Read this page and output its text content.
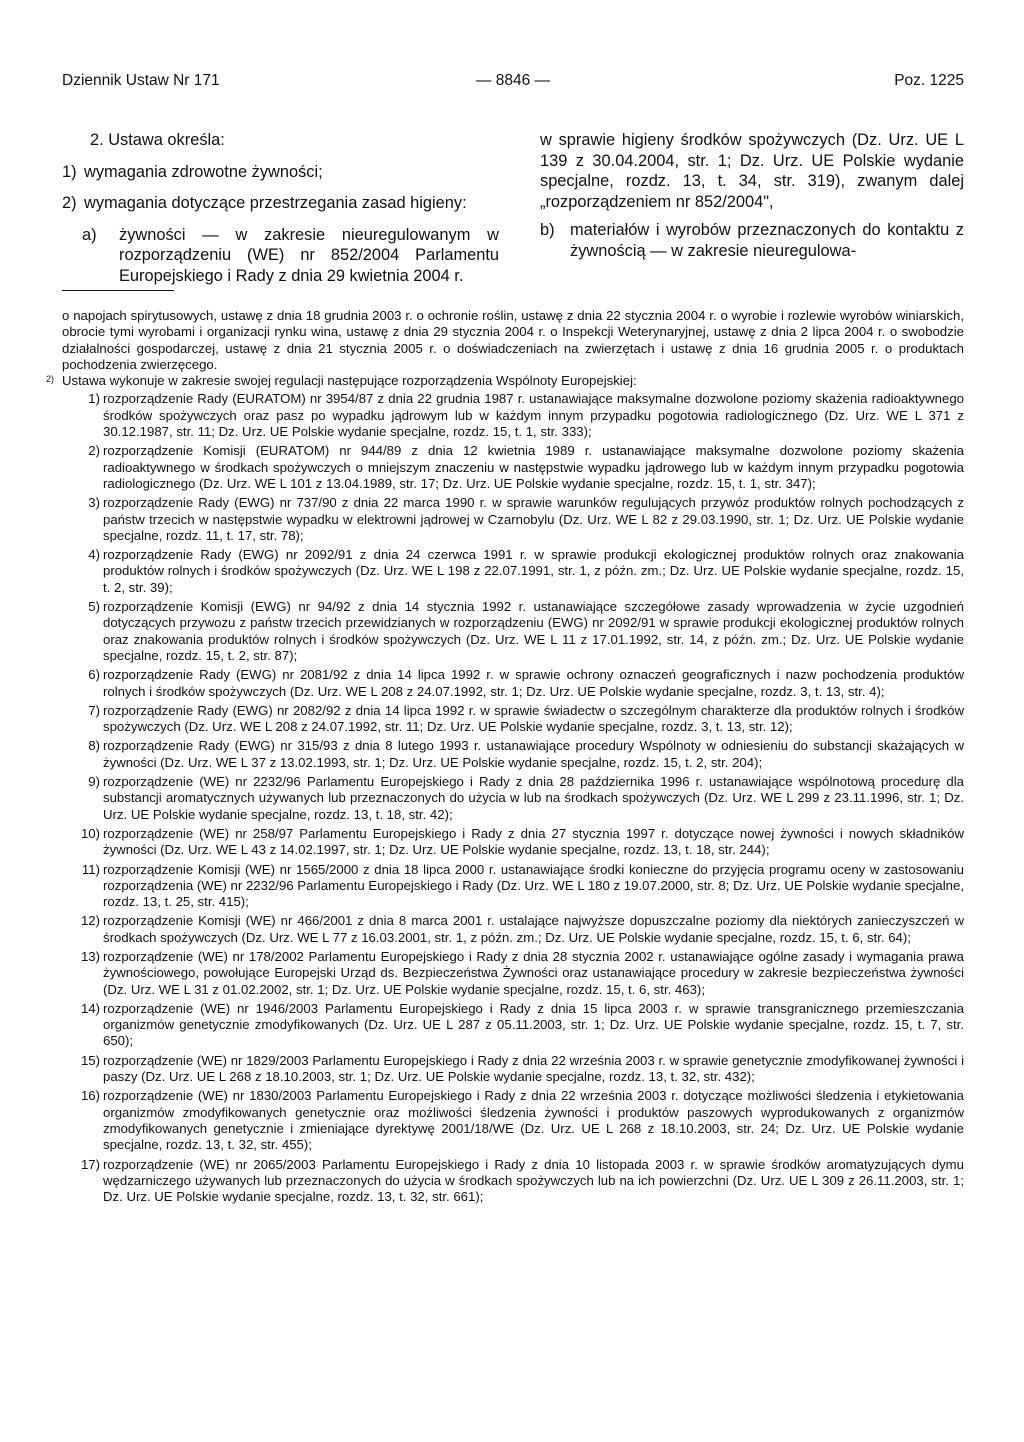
Dziennik Ustaw Nr 171	— 8846 —	Poz. 1225

2. Ustawa określa:

1) wymagania zdrowotne żywności;
2) wymagania dotyczące przestrzegania zasad higieny:
a) żywności — w zakresie nieuregulowanym w rozporządzeniu (WE) nr 852/2004 Parlamentu Europejskiego i Rady z dnia 29 kwietnia 2004 r.

w sprawie higieny środków spożywczych (Dz. Urz. UE L 139 z 30.04.2004, str. 1; Dz. Urz. UE Polskie wydanie specjalne, rozdz. 13, t. 34, str. 319), zwanym dalej „rozporządzeniem nr 852/2004",

b) materiałów i wyrobów przeznaczonych do kontaktu z żywnością — w zakresie nieuregulowa-

o napojach spirytusowych, ustawę z dnia 18 grudnia 2003 r. o ochronie roślin, ustawę z dnia 22 stycznia 2004 r. o wyrobie i rozlewie wyrobów winiarskich, obrocie tymi wyrobami i organizacji rynku wina, ustawę z dnia 29 stycznia 2004 r. o Inspekcji Weterynaryjnej, ustawę z dnia 2 lipca 2004 r. o swobodzie działalności gospodarczej, ustawę z dnia 21 stycznia 2005 r. o doświadczeniach na zwierzętach i ustawę z dnia 16 grudnia 2005 r. o produktach pochodzenia zwierzęcego.

2) Ustawa wykonuje w zakresie swojej regulacji następujące rozporządzenia Wspólnoty Europejskiej:

1) rozporządzenie Rady (EURATOM) nr 3954/87 z dnia 22 grudnia 1987 r. ustanawiające maksymalne dozwolone poziomy skażenia radioaktywnego środków spożywczych oraz pasz po wypadku jądrowym lub w każdym innym przypadku pogotowia radiologicznego (Dz. Urz. WE L 371 z 30.12.1987, str. 11; Dz. Urz. UE Polskie wydanie specjalne, rozdz. 15, t. 1, str. 333);
2) rozporządzenie Komisji (EURATOM) nr 944/89 z dnia 12 kwietnia 1989 r. ustanawiające maksymalne dozwolone poziomy skażenia radioaktywnego w środkach spożywczych o mniejszym znaczeniu w następstwie wypadku jądrowego lub w każdym innym przypadku pogotowia radiologicznego (Dz. Urz. WE L 101 z 13.04.1989, str. 17; Dz. Urz. UE Polskie wydanie specjalne, rozdz. 15, t. 1, str. 347);
3) rozporządzenie Rady (EWG) nr 737/90 z dnia 22 marca 1990 r. w sprawie warunków regulujących przywóz produktów rolnych pochodzących z państw trzecich w następstwie wypadku w elektrowni jądrowej w Czarnobylu (Dz. Urz. WE L 82 z 29.03.1990, str. 1; Dz. Urz. UE Polskie wydanie specjalne, rozdz. 11, t. 17, str. 78);
4) rozporządzenie Rady (EWG) nr 2092/91 z dnia 24 czerwca 1991 r. w sprawie produkcji ekologicznej produktów rolnych oraz znakowania produktów rolnych i środków spożywczych (Dz. Urz. WE L 198 z 22.07.1991, str. 1, z późn. zm.; Dz. Urz. UE Polskie wydanie specjalne, rozdz. 15, t. 2, str. 39);
5) rozporządzenie Komisji (EWG) nr 94/92 z dnia 14 stycznia 1992 r. ustanawiające szczegółowe zasady wprowadzenia w życie uzgodnień dotyczących przywozu z państw trzecich przewidzianych w rozporządzeniu (EWG) nr 2092/91 w sprawie produkcji ekologicznej produktów rolnych oraz znakowania produktów rolnych i środków spożywczych (Dz. Urz. WE L 11 z 17.01.1992, str. 14, z późn. zm.; Dz. Urz. UE Polskie wydanie specjalne, rozdz. 15, t. 2, str. 87);
6) rozporządzenie Rady (EWG) nr 2081/92 z dnia 14 lipca 1992 r. w sprawie ochrony oznaczeń geograficznych i nazw pochodzenia produktów rolnych i środków spożywczych (Dz. Urz. WE L 208 z 24.07.1992, str. 1; Dz. Urz. UE Polskie wydanie specjalne, rozdz. 3, t. 13, str. 4);
7) rozporządzenie Rady (EWG) nr 2082/92 z dnia 14 lipca 1992 r. w sprawie świadectw o szczególnym charakterze dla produktów rolnych i środków spożywczych (Dz. Urz. WE L 208 z 24.07.1992, str. 11; Dz. Urz. UE Polskie wydanie specjalne, rozdz. 3, t. 13, str. 12);
8) rozporządzenie Rady (EWG) nr 315/93 z dnia 8 lutego 1993 r. ustanawiające procedury Wspólnoty w odniesieniu do substancji skażających w żywności (Dz. Urz. WE L 37 z 13.02.1993, str. 1; Dz. Urz. UE Polskie wydanie specjalne, rozdz. 15, t. 2, str. 204);
9) rozporządzenie (WE) nr 2232/96 Parlamentu Europejskiego i Rady z dnia 28 października 1996 r. ustanawiające wspólnotową procedurę dla substancji aromatycznych używanych lub przeznaczonych do użycia w lub na środkach spożywczych (Dz. Urz. WE L 299 z 23.11.1996, str. 1; Dz. Urz. UE Polskie wydanie specjalne, rozdz. 13, t. 18, str. 42);
10) rozporządzenie (WE) nr 258/97 Parlamentu Europejskiego i Rady z dnia 27 stycznia 1997 r. dotyczące nowej żywności i nowych składników żywności (Dz. Urz. WE L 43 z 14.02.1997, str. 1; Dz. Urz. UE Polskie wydanie specjalne, rozdz. 13, t. 18, str. 244);
11) rozporządzenie Komisji (WE) nr 1565/2000 z dnia 18 lipca 2000 r. ustanawiające środki konieczne do przyjęcia programu oceny w zastosowaniu rozporządzenia (WE) nr 2232/96 Parlamentu Europejskiego i Rady (Dz. Urz. WE L 180 z 19.07.2000, str. 8; Dz. Urz. UE Polskie wydanie specjalne, rozdz. 13, t. 25, str. 415);
12) rozporządzenie Komisji (WE) nr 466/2001 z dnia 8 marca 2001 r. ustalające najwyższe dopuszczalne poziomy dla niektórych zanieczyszczeń w środkach spożywczych (Dz. Urz. WE L 77 z 16.03.2001, str. 1, z późn. zm.; Dz. Urz. UE Polskie wydanie specjalne, rozdz. 15, t. 6, str. 64);
13) rozporządzenie (WE) nr 178/2002 Parlamentu Europejskiego i Rady z dnia 28 stycznia 2002 r. ustanawiające ogólne zasady i wymagania prawa żywnościowego, powołujące Europejski Urząd ds. Bezpieczeństwa Żywności oraz ustanawiające procedury w zakresie bezpieczeństwa żywności (Dz. Urz. WE L 31 z 01.02.2002, str. 1; Dz. Urz. UE Polskie wydanie specjalne, rozdz. 15, t. 6, str. 463);
14) rozporządzenie (WE) nr 1946/2003 Parlamentu Europejskiego i Rady z dnia 15 lipca 2003 r. w sprawie transgranicznego przemieszczania organizmów genetycznie zmodyfikowanych (Dz. Urz. UE L 287 z 05.11.2003, str. 1; Dz. Urz. UE Polskie wydanie specjalne, rozdz. 15, t. 7, str. 650);
15) rozporządzenie (WE) nr 1829/2003 Parlamentu Europejskiego i Rady z dnia 22 września 2003 r. w sprawie genetycznie zmodyfikowanej żywności i paszy (Dz. Urz. UE L 268 z 18.10.2003, str. 1; Dz. Urz. UE Polskie wydanie specjalne, rozdz. 13, t. 32, str. 432);
16) rozporządzenie (WE) nr 1830/2003 Parlamentu Europejskiego i Rady z dnia 22 września 2003 r. dotyczące możliwości śledzenia i etykietowania organizmów zmodyfikowanych genetycznie oraz możliwości śledzenia żywności i produktów paszowych wyprodukowanych z organizmów zmodyfikowanych genetycznie i zmieniające dyrektywę 2001/18/WE (Dz. Urz. UE L 268 z 18.10.2003, str. 24; Dz. Urz. UE Polskie wydanie specjalne, rozdz. 13, t. 32, str. 455);
17) rozporządzenie (WE) nr 2065/2003 Parlamentu Europejskiego i Rady z dnia 10 listopada 2003 r. w sprawie środków aromatyzujących dymu wędzarniczego używanych lub przeznaczonych do użycia w środkach spożywczych lub na ich powierzchni (Dz. Urz. UE L 309 z 26.11.2003, str. 1; Dz. Urz. UE Polskie wydanie specjalne, rozdz. 13, t. 32, str. 661);
